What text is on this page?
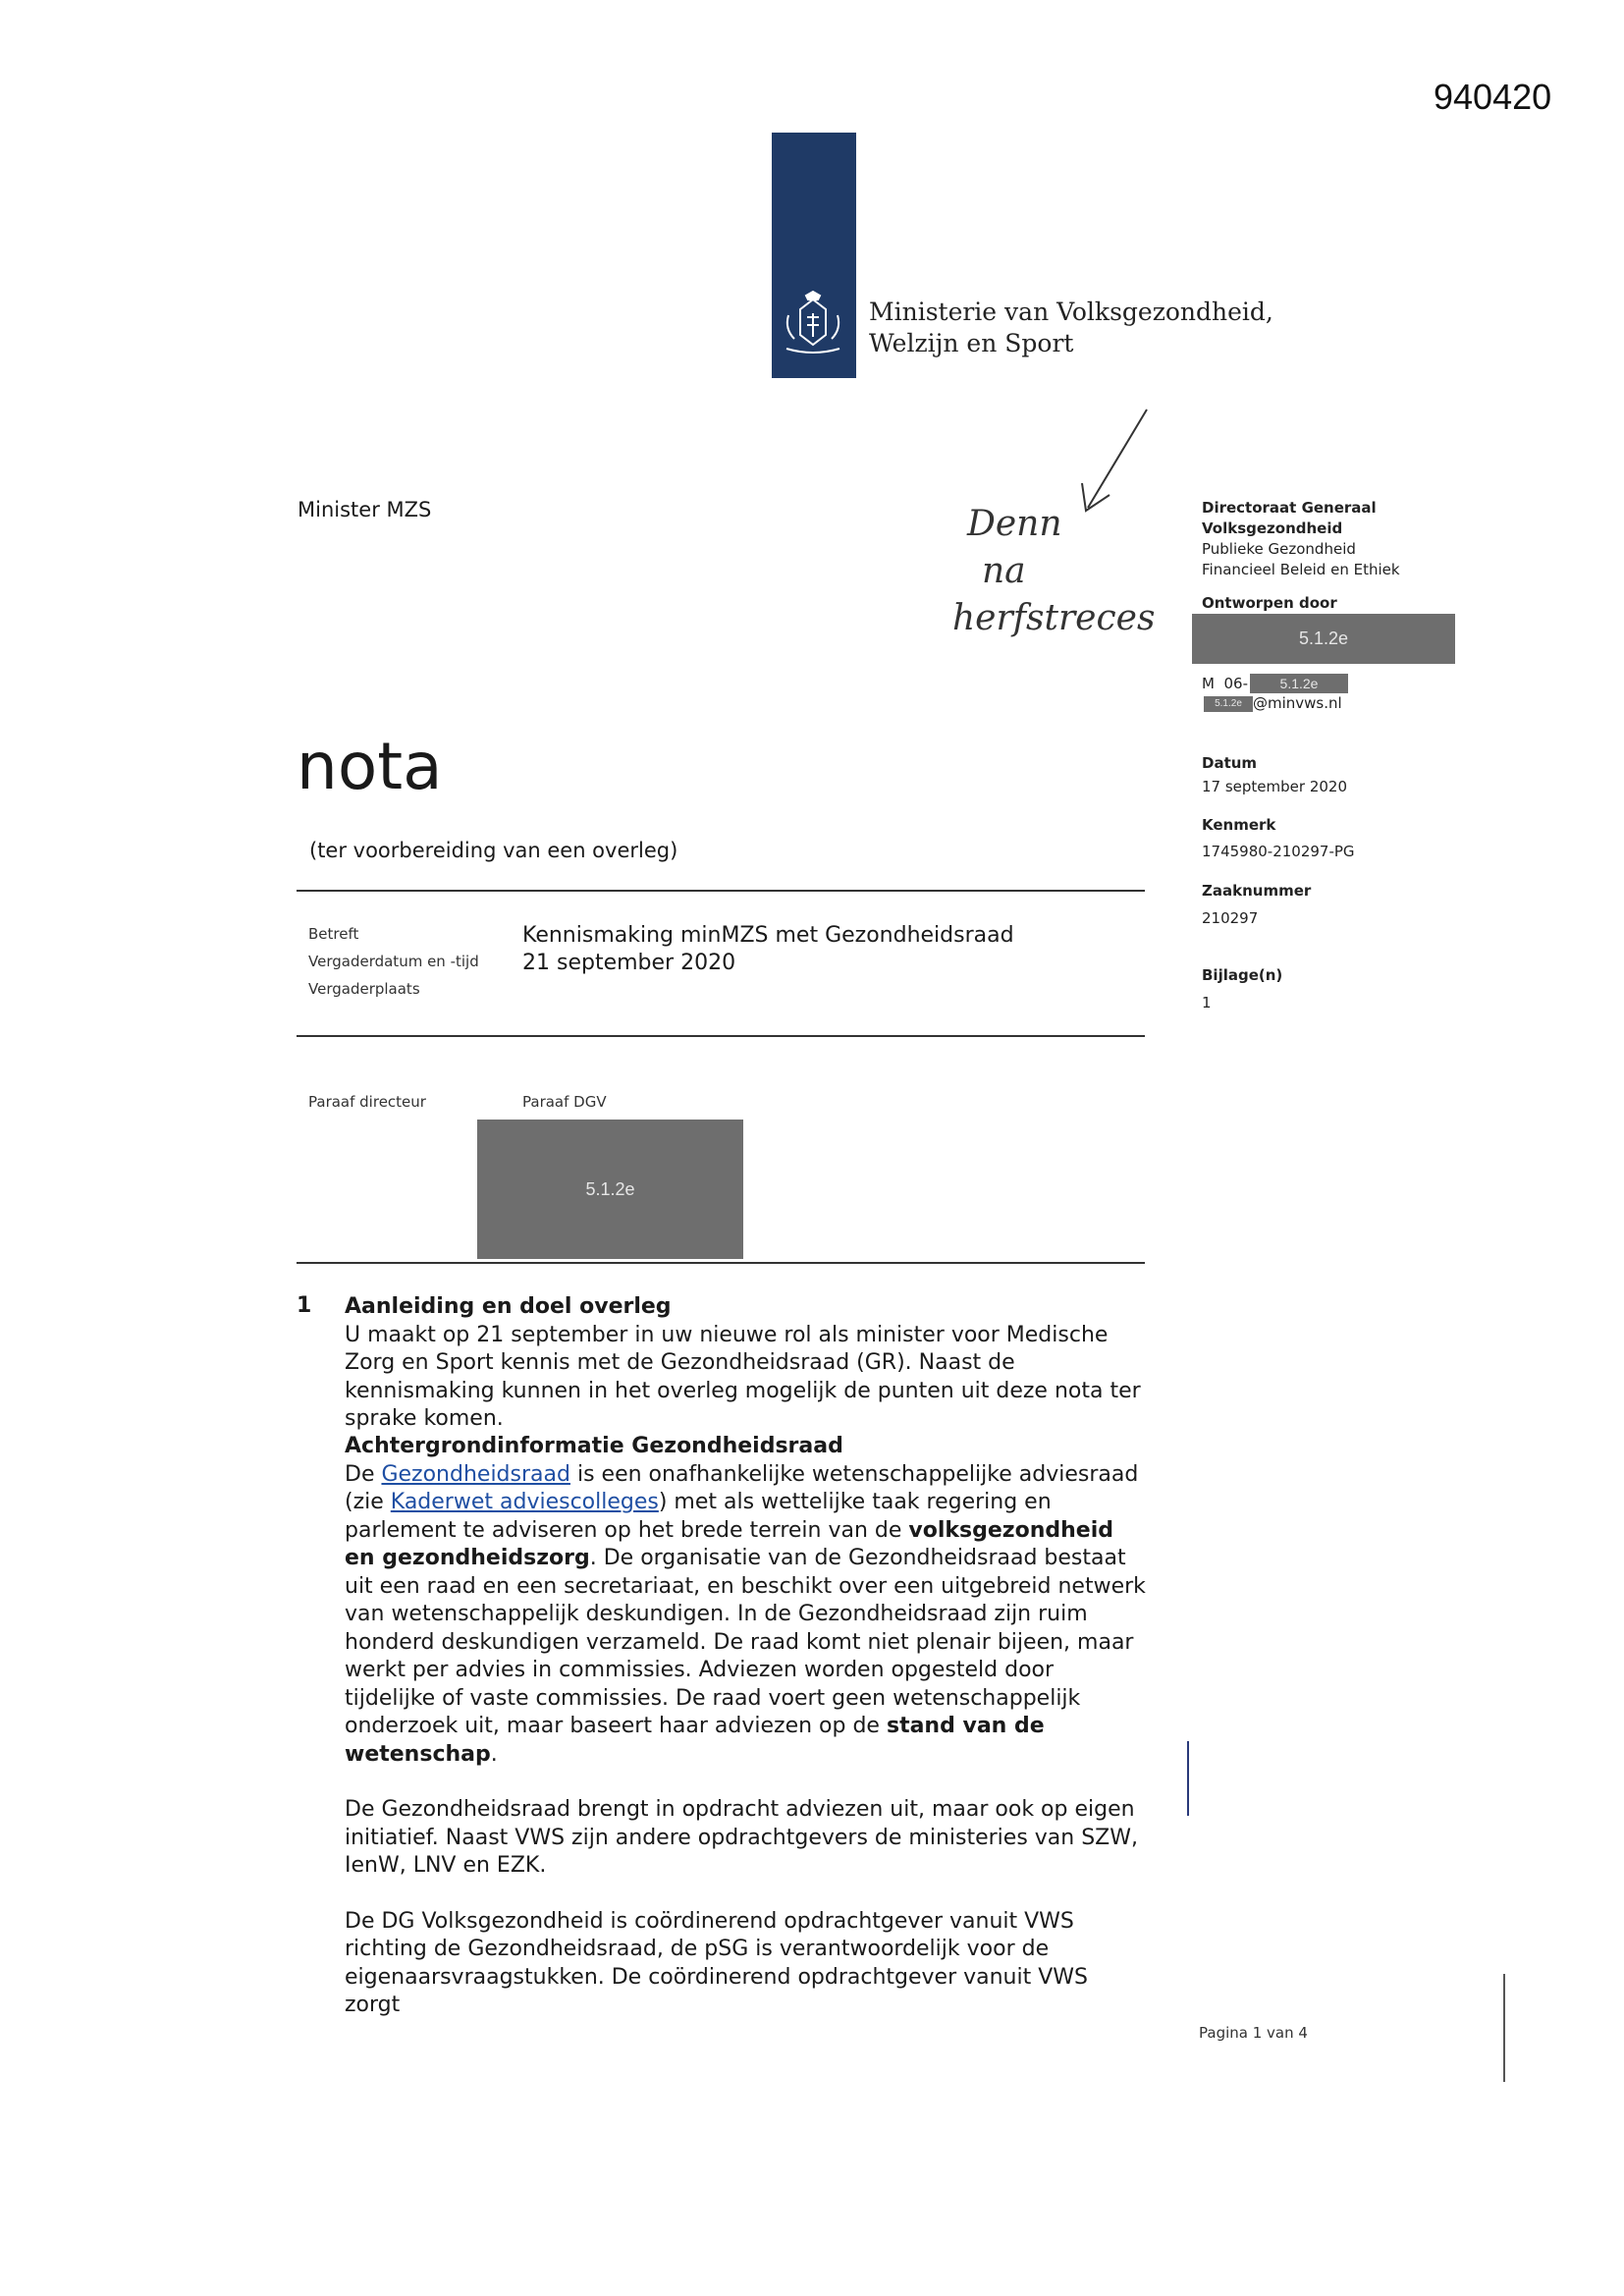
940420
Ministerie van Volksgezondheid,
Welzijn en Sport
Minister MZS	Denn
na
herfstreces
nota
(ter voorbereiding van een overleg)
Betreft	Kennismaking minMZS met Gezondheidsraad
Vergaderdatum en -tijd 21 september 2020
Vergaderplaats
Paraaf directeur	Paraaf DGV
5.1.2e
Directoraat Generaal
Volksgezondheid
Publieke Gezondheid
Financieel Beleid en Ethiek
Ontworpen door
5.1.2e
M  06-	5.1.2e
5.1.2e @minvws.nl
Datum
17 september 2020
Kenmerk
1745980-210297-PG
Zaaknummer
210297
Bijlage(n)
1
1 Aanleiding en doel overleg

U maakt op 21 september in uw nieuwe rol als minister voor Medische Zorg en Sport kennis met de Gezondheidsraad (GR). Naast de kennismaking kunnen in het overleg mogelijk de punten uit deze nota ter sprake komen.

Achtergrondinformatie Gezondheidsraad

De Gezondheidsraad is een onafhankelijke wetenschappelijke adviesraad (zie Kaderwet adviescolleges) met als wettelijke taak regering en parlement te adviseren op het brede terrein van de volksgezondheid en gezondheidszorg. De organisatie van de Gezondheidsraad bestaat uit een raad en een secretariaat, en beschikt over een uitgebreid netwerk van wetenschappelijk deskundigen. In de Gezondheidsraad zijn ruim honderd deskundigen verzameld. De raad komt niet plenair bijeen, maar werkt per advies in commissies. Adviezen worden opgesteld door tijdelijke of vaste commissies. De raad voert geen wetenschappelijk onderzoek uit, maar baseert haar adviezen op de stand van de wetenschap.

De Gezondheidsraad brengt in opdracht adviezen uit, maar ook op eigen initiatief. Naast VWS zijn andere opdrachtgevers de ministeries van SZW, IenW, LNV en EZK.

De DG Volksgezondheid is coördinerend opdrachtgever vanuit VWS richting de Gezondheidsraad, de pSG is verantwoordelijk voor de eigenaarsvraagstukken. De coördinerend opdrachtgever vanuit VWS zorgt

Pagina 1 van 4
